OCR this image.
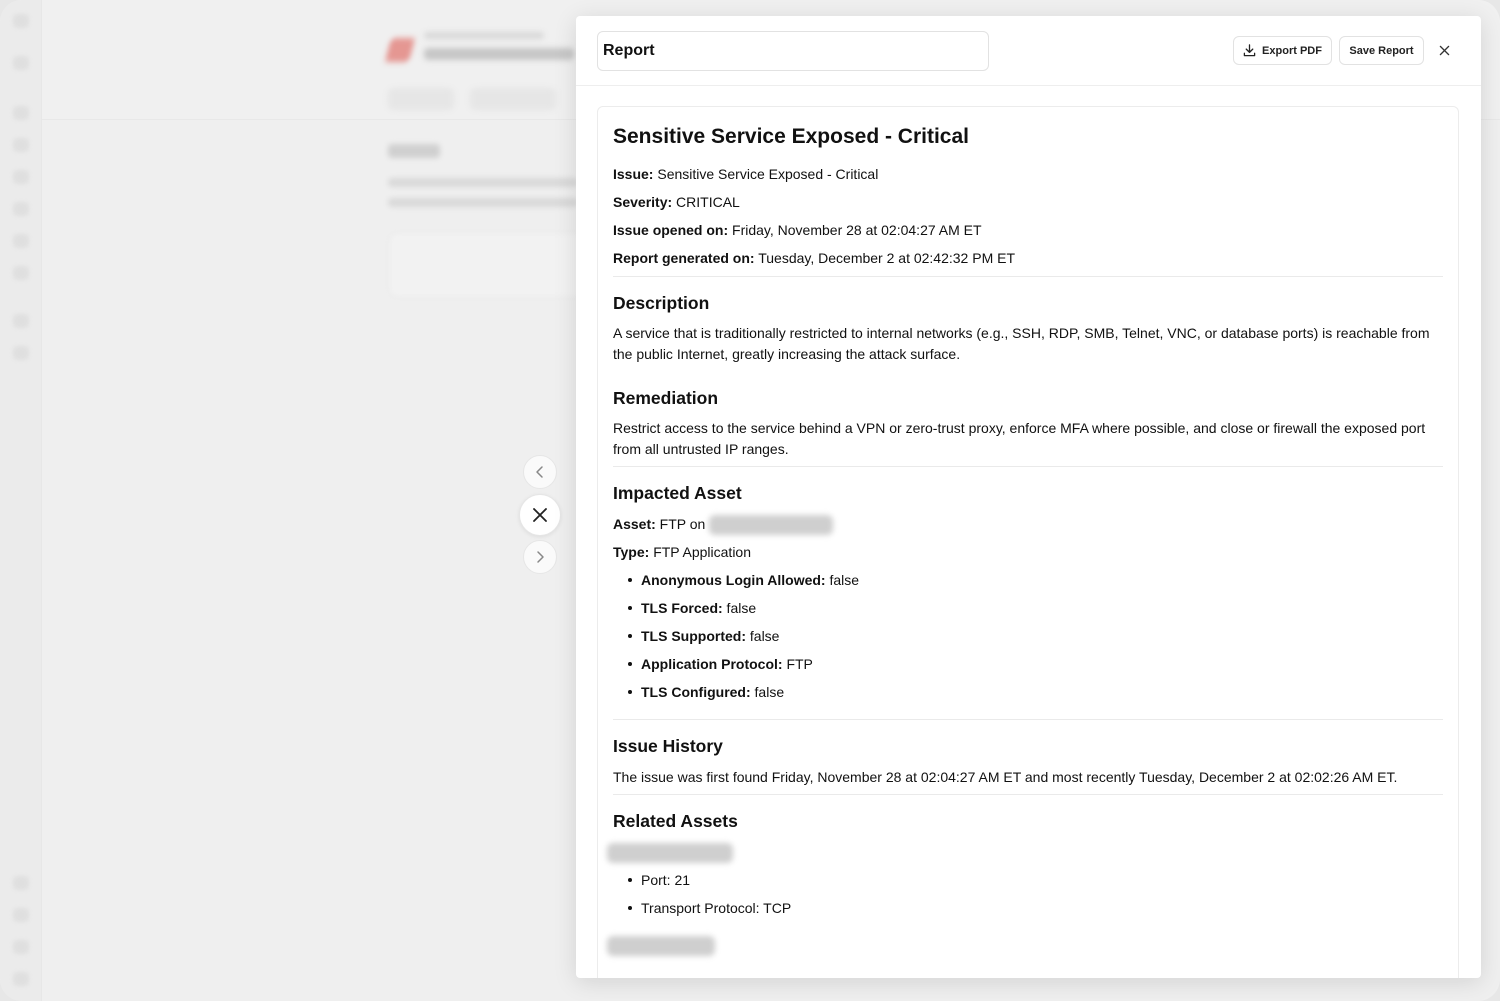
Report
Export PDF Save Report
Sensitive Service Exposed - Critical
Issue: Sensitive Service Exposed - Critical
Severity: CRITICAL
Issue opened on: Friday, November 28 at 02:04:27 AM ET
Report generated on: Tuesday, December 2 at 02:42:32 PM ET
Description

A service that is traditionally restricted to internal networks (e.g., SSH, RDP, SMB, Telnet, VNC, or database ports) is reachable from the public Internet, greatly increasing the attack surface.

Remediation

Restrict access to the service behind a VPN or zero-trust proxy, enforce MFA where possible, and close or firewall the exposed port from all untrusted IP ranges.

Impacted Asset
Asset: FTP on
Type: FTP Application
Anonymous Login Allowed: false
TLS Forced: false
TLS Supported: false
Application Protocol: FTP
TLS Configured: false
Issue History

The issue was first found Friday, November 28 at 02:04:27 AM ET and most recently Tuesday, December 2 at 02:02:26 AM ET.

Related Assets
Port: 21
Transport Protocol: TCP
